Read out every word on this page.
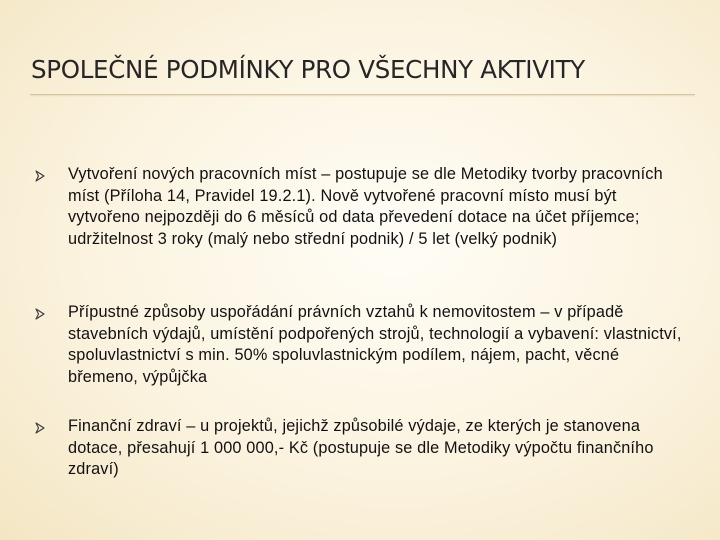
SPOLEČNÉ PODMÍNKY PRO VŠECHNY AKTIVITY
Vytvoření nových pracovních míst – postupuje se dle Metodiky tvorby pracovních míst (Příloha 14, Pravidel 19.2.1). Nově vytvořené pracovní místo musí být vytvořeno nejpozději do 6 měsíců od data převedení dotace na účet příjemce; udržitelnost 3 roky (malý nebo střední podnik) / 5 let (velký podnik)
Přípustné způsoby uspořádání právních vztahů k nemovitostem – v případě stavebních výdajů, umístění podpořených strojů, technologií a vybavení: vlastnictví, spoluvlastnictví s min. 50% spoluvlastnickým podílem, nájem, pacht, věcné břemeno, výpůjčka
Finanční zdraví – u projektů, jejichž způsobilé výdaje, ze kterých je stanovena dotace, přesahují 1 000 000,- Kč (postupuje se dle Metodiky výpočtu finančního zdraví)
